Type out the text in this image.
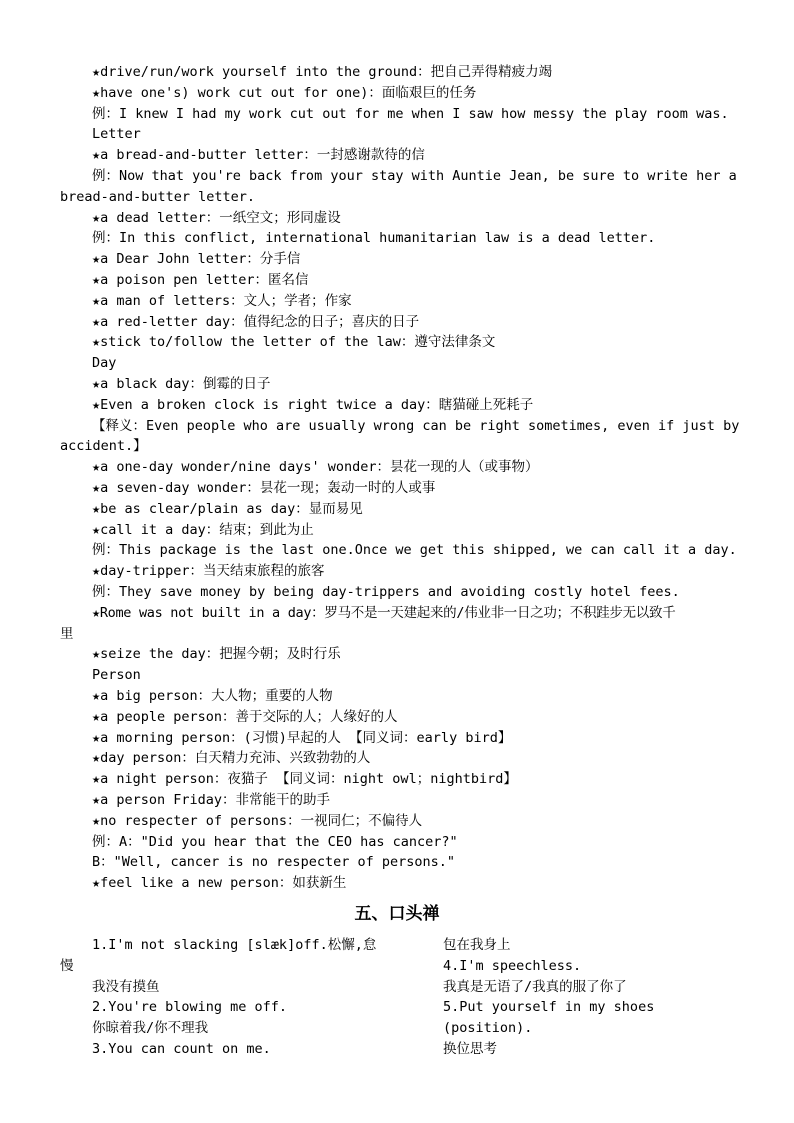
★drive/run/work yourself into the ground：把自己弄得精疲力竭
★have one's) work cut out for one)：面临艰巨的任务
例：I knew I had my work cut out for me when I saw how messy the play room was.
Letter
★a bread-and-butter letter：一封感谢款待的信
例：Now that you're back from your stay with Auntie Jean, be sure to write her a
bread-and-butter letter.
★a dead letter：一纸空文；形同虚设
例：In this conflict, international humanitarian law is a dead letter.
★a Dear John letter：分手信
★a poison pen letter：匿名信
★a man of letters：文人；学者；作家
★a red-letter day：值得纪念的日子；喜庆的日子
★stick to/follow the letter of the law：遵守法律条文
Day
★a black day：倒霉的日子
★Even a broken clock is right twice a day：瞎猫碰上死耗子
【释义：Even people who are usually wrong can be right sometimes, even if just by
accident.】
★a one-day wonder/nine days' wonder：昙花一现的人（或事物）
★a seven-day wonder：昙花一现；轰动一时的人或事
★be as clear/plain as day：显而易见
★call it a day：结束；到此为止
例：This package is the last one.Once we get this shipped, we can call it a day.
★day-tripper：当天结束旅程的旅客
例：They save money by being day-trippers and avoiding costly hotel fees.
★Rome was not built in a day：罗马不是一天建起来的/伟业非一日之功；不积跬步无以致千
里
★seize the day：把握今朝；及时行乐
Person
★a big person：大人物；重要的人物
★a people person：善于交际的人；人缘好的人
★a morning person：(习惯)早起的人 【同义词：early bird】
★day person：白天精力充沛、兴致勃勃的人
★a night person：夜猫子 【同义词：night owl；nightbird】
★a person Friday：非常能干的助手
★no respecter of persons：一视同仁；不偏待人
例：A："Did you hear that the CEO has cancer?"
B："Well, cancer is no respecter of persons."
★feel like a new person：如获新生
五、口头禅
1.I'm not slacking [slæk]off.松懈,怠
慢
我没有摸鱼
2.You're blowing me off.
你晾着我/你不理我
3.You can count on me.
包在我身上
4.I'm speechless.
我真是无语了/我真的服了你了
5.Put yourself in my shoes
(position).
换位思考
